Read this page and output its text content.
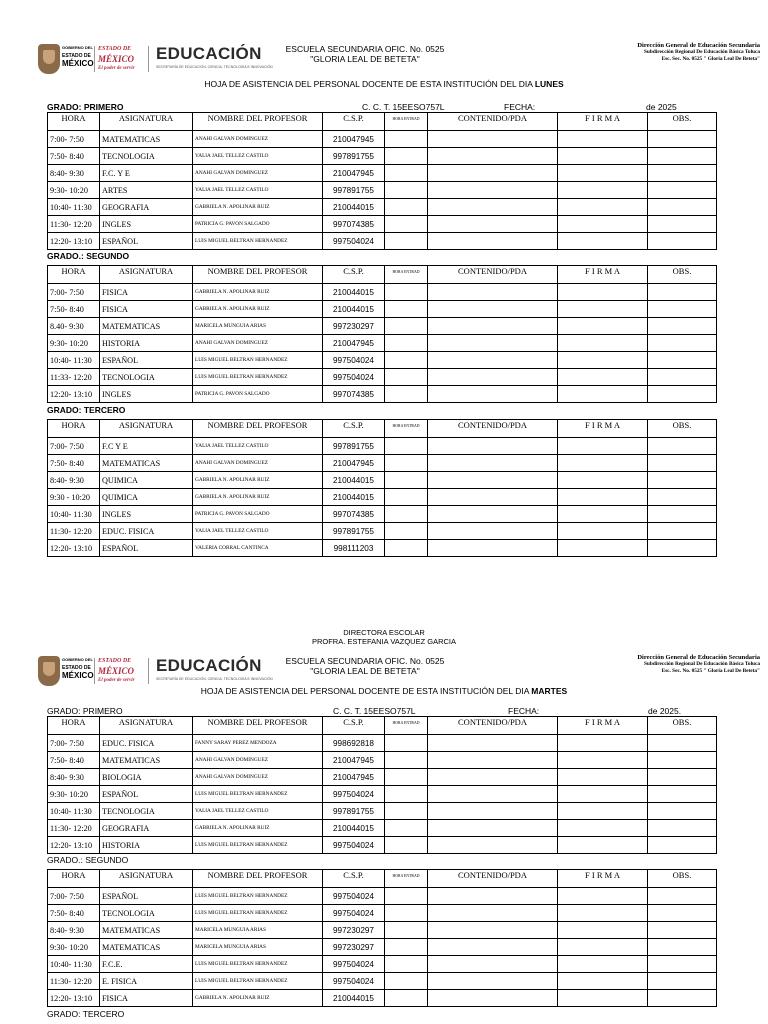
GOBIERNO DEL
ESTADO DE
MÉXICO
ESTADO DE
MÉXICO
El poder de servir
EDUCACIÓN
SECRETARÍA DE EDUCACIÓN, CIENCIA, TECNOLOGÍA E INNOVACIÓN
ESCUELA SECUNDARIA OFIC. No. 0525
"GLORIA LEAL DE BETETA"
Dirección General de Educación Secundaria
Subdirección Regional De Educación Básica Toluca
Esc. Sec. No. 0525 " Gloria Leal De Beteta"
HOJA DE ASISTENCIA DEL PERSONAL DOCENTE DE ESTA INSTITUCIÓN DEL DIA LUNES
GRADO: PRIMERO	C. C. T. 15EESO757L	FECHA:	de 2025
HORA	ASIGNATURA	NOMBRE DEL PROFESOR	C.S.P.	HORA ENTRAD	CONTENIDO/PDA	F I R M A	OBS.
7:00- 7:50	MATEMATICAS	ANAHI GALVAN DOMINGUEZ	210047945				
7:50- 8:40	TECNOLOGIA	YALIA JAEL TELLEZ CASTILO	997891755				
8:40- 9:30	F.C. Y E	ANAHI GALVAN DOMINGUEZ	210047945				
9:30- 10:20	ARTES	YALIA JAEL TELLEZ CASTILO	997891755				
10:40- 11:30	GEOGRAFIA	GABRIELA N. APOLINAR RUIZ	210044015				
11:30- 12:20	INGLES	PATRICIA G. PAVON SALGADO	997074385				
12:20- 13:10	ESPAÑOL	LUIS MIGUEL BELTRAN HERNANDEZ	997504024				
GRADO.: SEGUNDO
HORA	ASIGNATURA	NOMBRE DEL PROFESOR	C.S.P.	HORA ENTRAD	CONTENIDO/PDA	F I R M A	OBS.
7:00- 7:50	FISICA	GABRIELA N. APOLINAR RUIZ	210044015				
7:50- 8:40	FISICA	GABRIELA N. APOLINAR RUIZ	210044015				
8.40- 9:30	MATEMATICAS	MARICELA MUNGUIA ARIAS	997230297				
9:30- 10:20	HISTORIA	ANAHI GALVAN DOMINGUEZ	210047945				
10:40- 11:30	ESPAÑOL	LUIS MIGUEL BELTRAN HERNANDEZ	997504024				
11:33- 12:20	TECNOLOGIA	LUIS MIGUEL BELTRAN HERNANDEZ	997504024				
12:20- 13:10	INGLES	PATRICIA G. PAVON SALGADO	997074385				
GRADO: TERCERO
HORA	ASIGNATURA	NOMBRE DEL PROFESOR	C.S.P.	HORA ENTRAD	CONTENIDO/PDA	F I R M A	OBS.
7:00- 7:50	F.C Y E	YALIA JAEL TELLEZ CASTILO	997891755				
7:50- 8:40	MATEMATICAS	ANAHI GALVAN DOMINGUEZ	210047945				
8:40- 9:30	QUIMICA	GABRIELA N. APOLINAR RUIZ	210044015				
9:30 - 10:20	QUIMICA	GABRIELA N. APOLINAR RUIZ	210044015				
10:40- 11:30	INGLES	PATRICIA G. PAVON SALGADO	997074385				
11:30- 12:20	EDUC. FISICA	YALIA JAEL TELLEZ CASTILO	997891755				
12:20- 13:10	ESPAÑOL	VALERIA CORRAL CANTINCA	998111203				
DIRECTORA ESCOLAR
PROFRA. ESTEFANIA VAZQUEZ GARCIA
GOBIERNO DEL
ESTADO DE
MÉXICO
ESTADO DE
MÉXICO
El poder de servir
EDUCACIÓN
SECRETARÍA DE EDUCACIÓN, CIENCIA, TECNOLOGÍA E INNOVACIÓN
ESCUELA SECUNDARIA OFIC. No. 0525
"GLORIA LEAL DE BETETA"
Dirección General de Educación Secundaria
Subdirección Regional De Educación Básica Toluca
Esc. Sec. No. 0525 " Gloria Leal De Beteta"
HOJA DE ASISTENCIA DEL PERSONAL DOCENTE DE ESTA INSTITUCIÓN DEL DIA MARTES
GRADO: PRIMERO	C. C. T. 15EESO757L	FECHA:	de 2025.
HORA	ASIGNATURA	NOMBRE DEL PROFESOR	C.S.P.	HORA ENTRAD	CONTENIDO/PDA	F I R M A	OBS.
7:00- 7:50	EDUC. FISICA	FANNY SARAY PEREZ MENDOZA	998692818				
7:50- 8:40	MATEMATICAS	ANAHI GALVAN DOMINGUEZ	210047945				
8:40- 9:30	BIOLOGIA	ANAHI GALVAN DOMINGUEZ	210047945				
9:30- 10:20	ESPAÑOL	LUIS MIGUEL BELTRAN HERNANDEZ	997504024				
10:40- 11:30	TECNOLOGIA	YALIA JAEL TELLEZ CASTILO	997891755				
11:30- 12:20	GEOGRAFIA	GABRIELA N. APOLINAR RUIZ	210044015				
12:20- 13:10	HISTORIA	LUIS MIGUEL BELTRAN HERNANDEZ	997504024				
GRADO.: SEGUNDO
HORA	ASIGNATURA	NOMBRE DEL PROFESOR	C.S.P.	HORA ENTRAD	CONTENIDO/PDA	F I R M A	OBS.
7:00- 7:50	ESPAÑOL	LUIS MIGUEL BELTRAN HERNANDEZ	997504024				
7:50- 8:40	TECNOLOGIA	LUIS MIGUEL BELTRAN HERNANDEZ	997504024				
8:40- 9:30	MATEMATICAS	MARICELA MUNGUIA ARIAS	997230297				
9:30- 10:20	MATEMATICAS	MARICELA MUNGUIA ARIAS	997230297				
10:40- 11:30	F.C.E.	LUIS MIGUEL BELTRAN HERNANDEZ	997504024				
11:30- 12:20	E. FISICA	LUIS MIGUEL BELTRAN HERNANDEZ	997504024				
12:20- 13:10	FISICA	GABRIELA N. APOLINAR RUIZ	210044015				
GRADO: TERCERO
